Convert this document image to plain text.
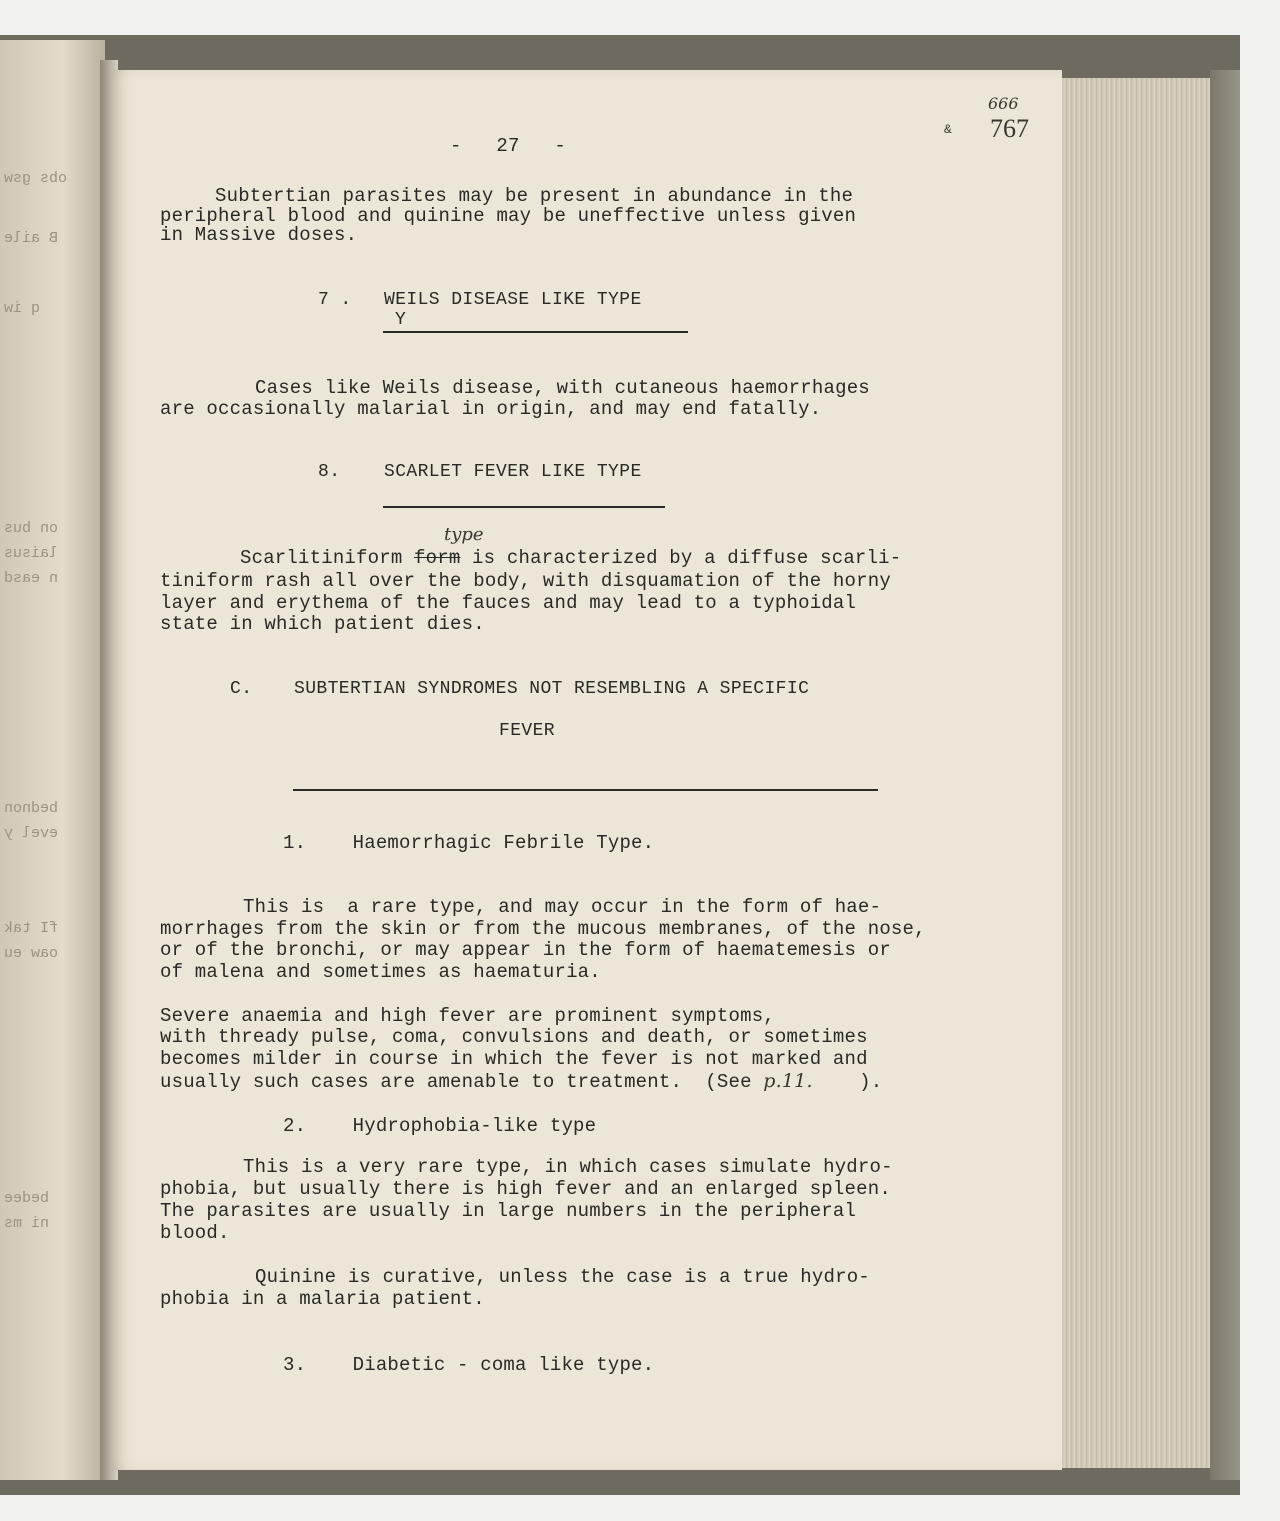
obs gsw
B aile
q iw
on bus
laisus
n easd
bednon
evel y
fI tak
oaw eu
bedee
ni ms
666
& 767

-   27   -

Subtertian parasites may be present in abundance in the

peripheral blood and quinine may be uneffective unless given

in Massive doses.

7 . WEILS DISEASE LIKE TYPE

Y

Cases like Weils disease, with cutaneous haemorrhages

are occasionally malarial in origin, and may end fatally.

8. SCARLET FEVER LIKE TYPE

type

Scarlitiniform form is characterized by a diffuse scarli-

tiniform rash all over the body, with disquamation of the horny

layer and erythema of the fauces and may lead to a typhoidal

state in which patient dies.

C. SUBTERTIAN SYNDROMES NOT RESEMBLING A SPECIFIC

FEVER

1.    Haemorrhagic Febrile Type.

This is  a rare type, and may occur in the form of hae-

morrhages from the skin or from the mucous membranes, of the nose,

or of the bronchi, or may appear in the form of haematemesis or

of malena and sometimes as haematuria.

Severe anaemia and high fever are prominent symptoms,

with thready pulse, coma, convulsions and death, or sometimes

becomes milder in course in which the fever is not marked and

usually such cases are amenable to treatment.  (See p.11.    ).

2.    Hydrophobia-like type

This is a very rare type, in which cases simulate hydro-

phobia, but usually there is high fever and an enlarged spleen.

The parasites are usually in large numbers in the peripheral

blood.

Quinine is curative, unless the case is a true hydro-

phobia in a malaria patient.

3.    Diabetic - coma like type.
